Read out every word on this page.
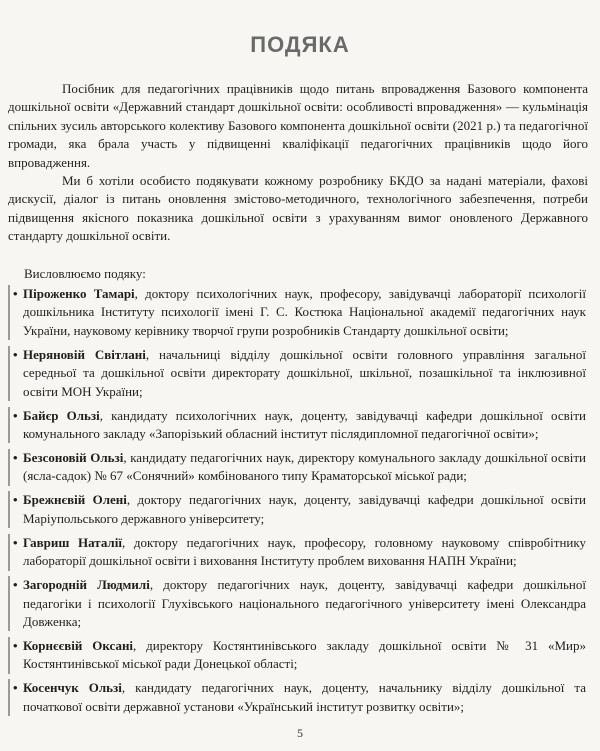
ПОДЯКА
Посібник для педагогічних працівників щодо питань впровадження Базового компонента дошкільної освіти «Державний стандарт дошкільної освіти: особливості впровадження» — кульмінація спільних зусиль авторського колективу Базового компонента дошкільної освіти (2021 р.) та педагогічної громади, яка брала участь у підвищенні кваліфікації педагогічних працівників щодо його впровадження.
Ми б хотіли особисто подякувати кожному розробнику БКДО за надані матеріали, фахові дискусії, діалог із питань оновлення змістово-методичного, технологічного забезпечення, потреби підвищення якісного показника дошкільної освіти з урахуванням вимог оновленого Державного стандарту дошкільної освіти.
Висловлюємо подяку:
• Піроженко Тамарі, доктору психологічних наук, професору, завідувачці лабораторії психології дошкільника Інституту психології імені Г. С. Костюка Національної академії педагогічних наук України, науковому керівнику творчої групи розробників Стандарту дошкільної освіти;
• Неряновій Світлані, начальниці відділу дошкільної освіти головного управління загальної середньої та дошкільної освіти директорату дошкільної, шкільної, позашкільної та інклюзивної освіти МОН України;
• Байєр Ользі, кандидату психологічних наук, доценту, завідувачці кафедри дошкільної освіти комунального закладу «Запорізький обласний інститут післядипломної педагогічної освіти»;
• Безсоновій Ользі, кандидату педагогічних наук, директору комунального закладу дошкільної освіти (ясла-садок) № 67 «Сонячний» комбінованого типу Краматорської міської ради;
• Брежнєвій Олені, доктору педагогічних наук, доценту, завідувачці кафедри дошкільної освіти Маріупольського державного університету;
• Гавриш Наталії, доктору педагогічних наук, професору, головному науковому співробітнику лабораторії дошкільної освіти і виховання Інституту проблем виховання НАПН України;
• Загородній Людмилі, доктору педагогічних наук, доценту, завідувачці кафедри дошкільної педагогіки і психології Глухівського національного педагогічного університету імені Олександра Довженка;
• Корнєєвій Оксані, директору Костянтинівського закладу дошкільної освіти № 31 «Мир» Костянтинівської міської ради Донецької області;
• Косенчук Ользі, кандидату педагогічних наук, доценту, начальнику відділу дошкільної та початкової освіти державної установи «Український інститут розвитку освіти»;
5
